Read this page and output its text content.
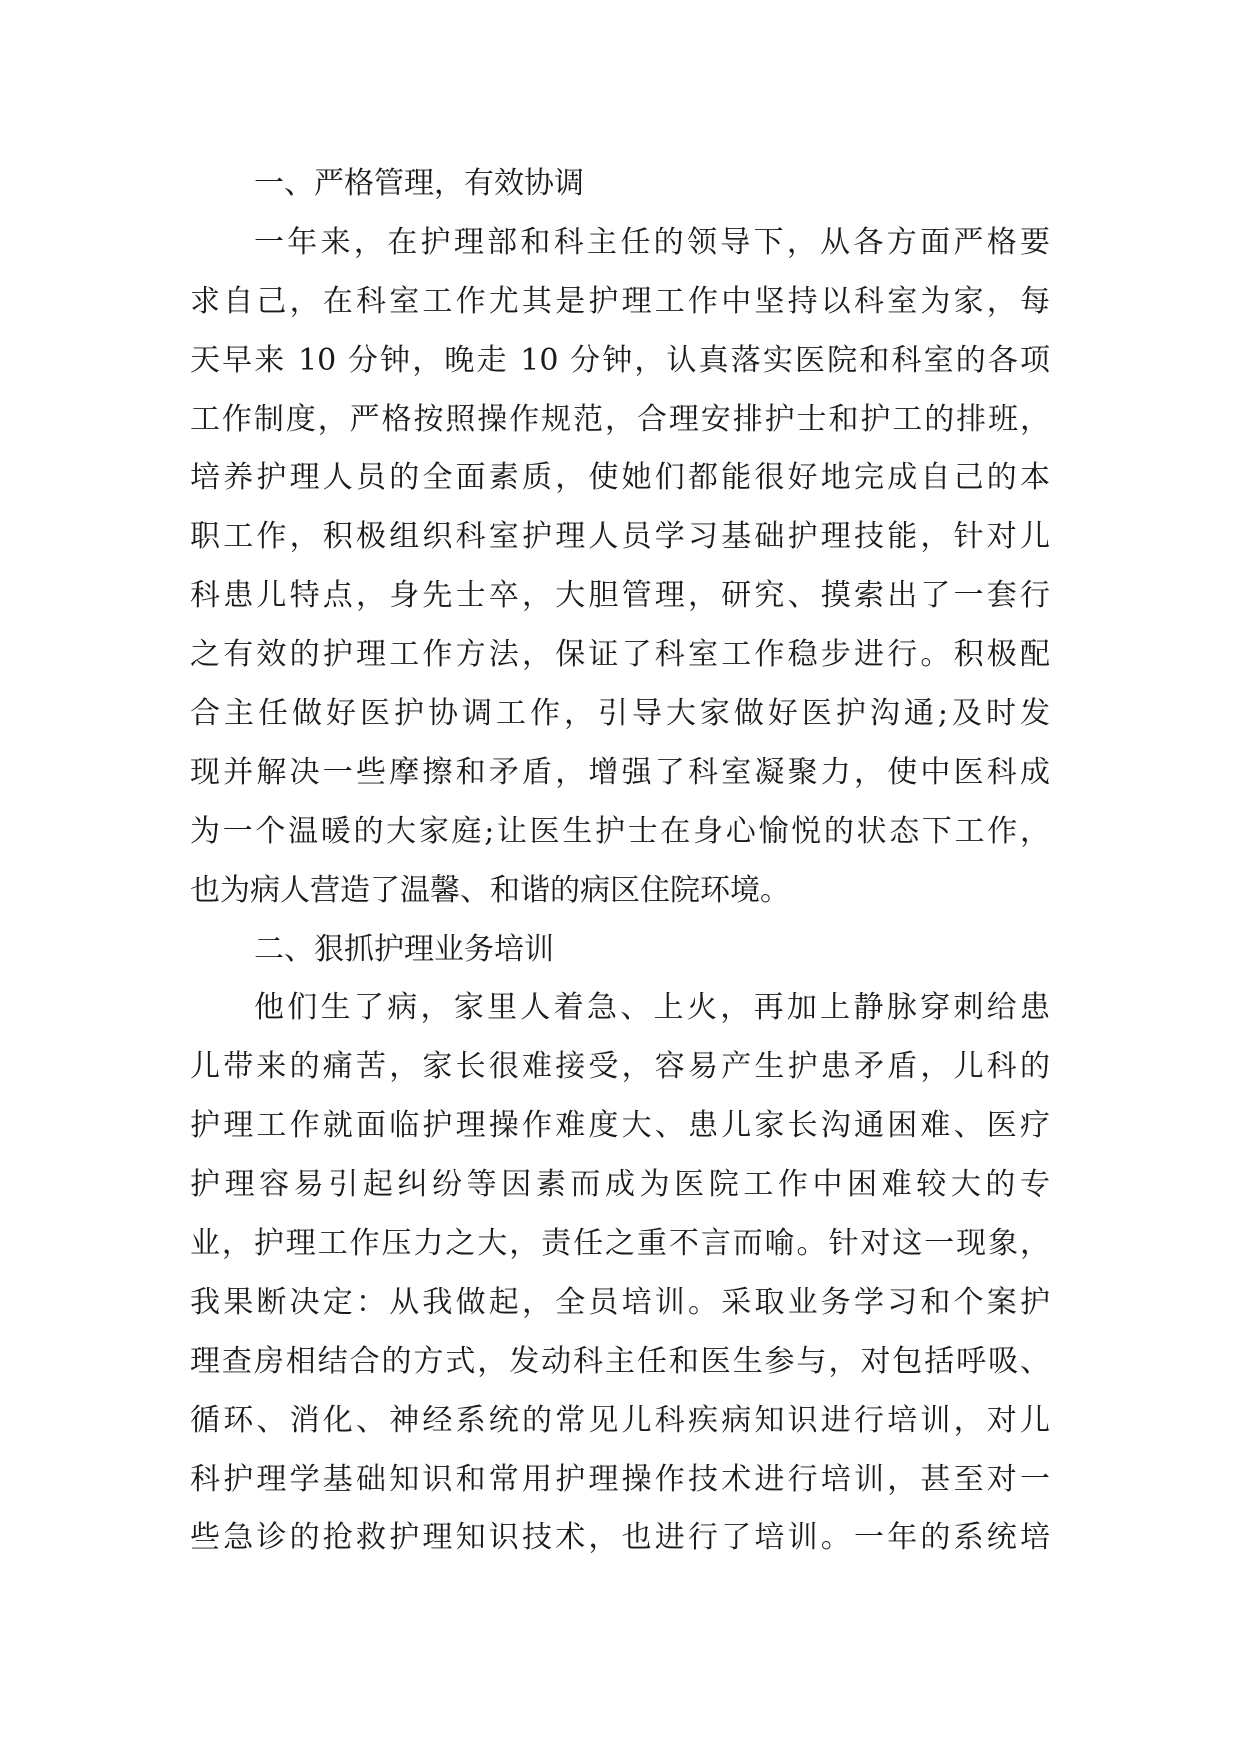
一、严格管理，有效协调
一年来，在护理部和科主任的领导下，从各方面严格要
求自己，在科室工作尤其是护理工作中坚持以科室为家，每
天早来 10 分钟，晚走 10 分钟，认真落实医院和科室的各项
工作制度，严格按照操作规范，合理安排护士和护工的排班，
培养护理人员的全面素质，使她们都能很好地完成自己的本
职工作，积极组织科室护理人员学习基础护理技能，针对儿
科患儿特点，身先士卒，大胆管理，研究、摸索出了一套行
之有效的护理工作方法，保证了科室工作稳步进行。积极配
合主任做好医护协调工作，引导大家做好医护沟通;及时发
现并解决一些摩擦和矛盾，增强了科室凝聚力，使中医科成
为一个温暖的大家庭;让医生护士在身心愉悦的状态下工作，
也为病人营造了温馨、和谐的病区住院环境。
二、狠抓护理业务培训
他们生了病，家里人着急、上火，再加上静脉穿刺给患
儿带来的痛苦，家长很难接受，容易产生护患矛盾，儿科的
护理工作就面临护理操作难度大、患儿家长沟通困难、医疗
护理容易引起纠纷等因素而成为医院工作中困难较大的专
业，护理工作压力之大，责任之重不言而喻。针对这一现象，
我果断决定：从我做起，全员培训。采取业务学习和个案护
理查房相结合的方式，发动科主任和医生参与，对包括呼吸、
循环、消化、神经系统的常见儿科疾病知识进行培训，对儿
科护理学基础知识和常用护理操作技术进行培训，甚至对一
些急诊的抢救护理知识技术，也进行了培训。一年的系统培
